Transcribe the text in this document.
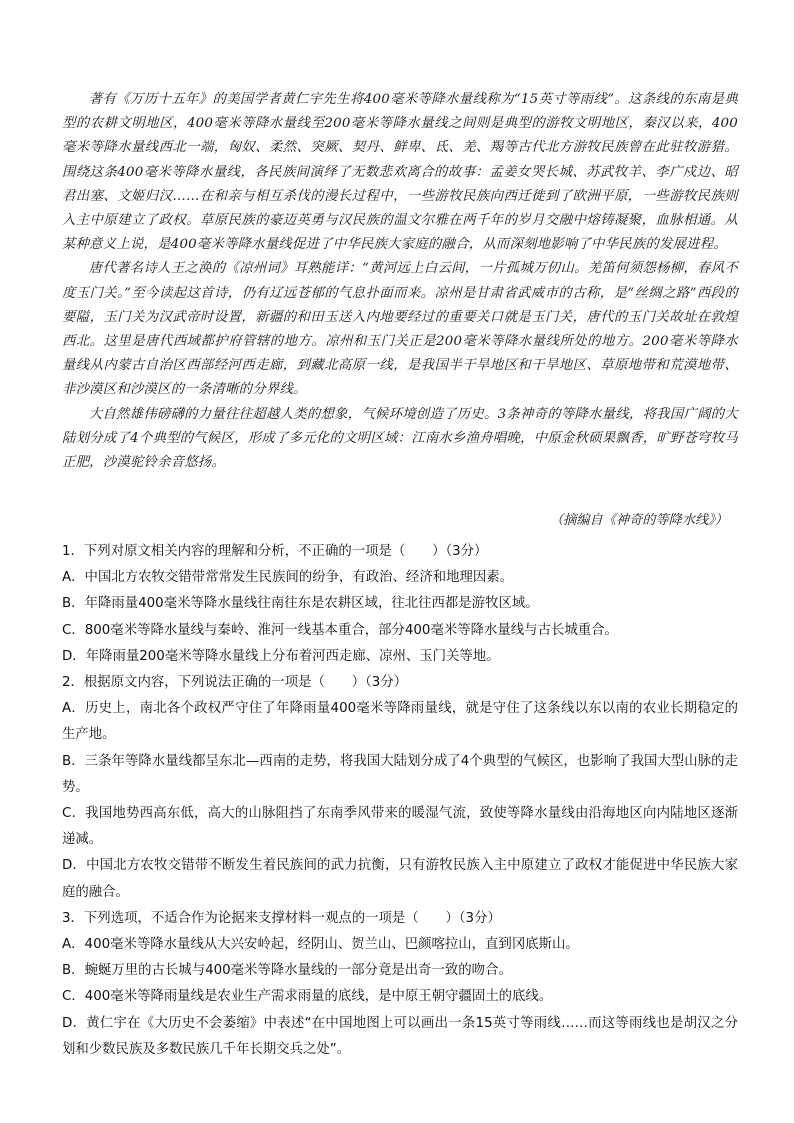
著有《万历十五年》的美国学者黄仁宇先生将400毫米等降水量线称为“15英寸等雨线”。这条线的东南是典型的农耕文明地区，400毫米等降水量线至200毫米等降水量线之间则是典型的游牧文明地区，秦汉以来，400毫米等降水量线西北一端，匈奴、柔然、突厥、契丹、鲜卑、氐、羌、羯等古代北方游牧民族曾在此驻牧游猎。围绕这条400毫米等降水量线，各民族间演绎了无数悲欢离合的故事：孟姜女哭长城、苏武牧羊、李广戍边、昭君出塞、文姬归汉……在和亲与相互杀伐的漫长过程中，一些游牧民族向西迁徙到了欧洲平原，一些游牧民族则入主中原建立了政权。草原民族的豪迈英勇与汉民族的温文尔雅在两千年的岁月交融中熔铸凝聚，血脉相通。从某种意义上说，是400毫米等降水量线促进了中华民族大家庭的融合，从而深刻地影响了中华民族的发展进程。

唐代著名诗人王之涣的《凉州词》耳熟能详：“黄河远上白云间，一片孤城万仞山。羌笛何须怨杨柳，春风不度玉门关。”至今读起这首诗，仍有辽远苍郁的气息扑面而来。凉州是甘肃省武威市的古称，是“丝绸之路”西段的要隘，玉门关为汉武帝时设置，新疆的和田玉送入内地要经过的重要关口就是玉门关，唐代的玉门关故址在敦煌西北。这里是唐代西域都护府管辖的地方。凉州和玉门关正是200毫米等降水量线所处的地方。200毫米等降水量线从内蒙古自治区西部经河西走廊，到藏北高原一线，是我国半干旱地区和干旱地区、草原地带和荒漠地带、非沙漠区和沙漠区的一条清晰的分界线。

大自然雄伟磅礴的力量往往超越人类的想象，气候环境创造了历史。3条神奇的等降水量线，将我国广阔的大陆划分成了4个典型的气候区，形成了多元化的文明区域：江南水乡渔舟唱晚，中原金秋硕果飘香，旷野苍穹牧马正肥，沙漠驼铃余音悠扬。

（摘编自《神奇的等降水线》）
1．下列对原文相关内容的理解和分析，不正确的一项是（　　）（3分）
A．中国北方农牧交错带常常发生民族间的纷争，有政治、经济和地理因素。
B．年降雨量400毫米等降水量线往南往东是农耕区域，往北往西都是游牧区域。
C．800毫米等降水量线与秦岭、淮河一线基本重合，部分400毫米等降水量线与古长城重合。
D．年降雨量200毫米等降水量线上分布着河西走廊、凉州、玉门关等地。
2．根据原文内容，下列说法正确的一项是（　　）（3分）
A．历史上，南北各个政权严守住了年降雨量400毫米等降雨量线，就是守住了这条线以东以南的农业长期稳定的生产地。
B．三条年等降水量线都呈东北—西南的走势，将我国大陆划分成了4个典型的气候区，也影响了我国大型山脉的走势。
C．我国地势西高东低，高大的山脉阻挡了东南季风带来的暖湿气流，致使等降水量线由沿海地区向内陆地区逐渐递减。
D．中国北方农牧交错带不断发生着民族间的武力抗衡，只有游牧民族入主中原建立了政权才能促进中华民族大家庭的融合。
3．下列选项，不适合作为论据来支撑材料一观点的一项是（　　）（3分）
A．400毫米等降水量线从大兴安岭起，经阴山、贺兰山、巴颜喀拉山，直到冈底斯山。
B．蜿蜒万里的古长城与400毫米等降水量线的一部分竟是出奇一致的吻合。
C．400毫米等降雨量线是农业生产需求雨量的底线，是中原王朝守疆固土的底线。
D．黄仁宇在《大历史不会萎缩》中表述“在中国地图上可以画出一条15英寸等雨线……而这等雨线也是胡汉之分划和少数民族及多数民族几千年长期交兵之处”。
